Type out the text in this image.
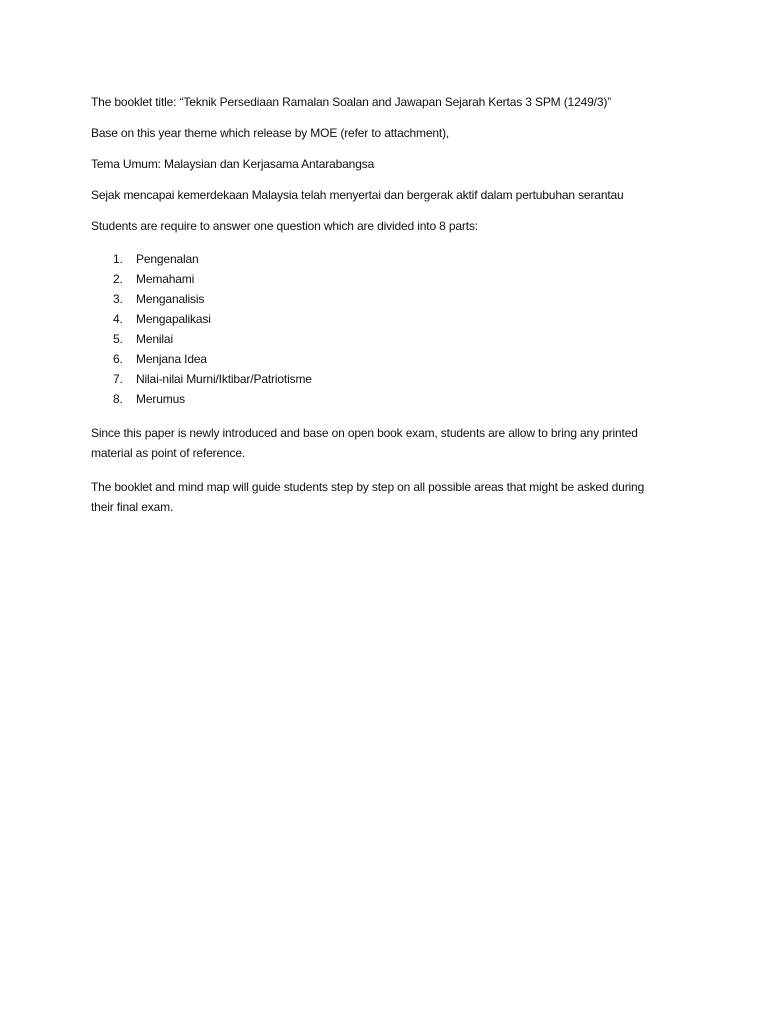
The booklet title: “Teknik Persediaan Ramalan Soalan and Jawapan Sejarah Kertas 3 SPM (1249/3)”

Base on this year theme which release by MOE (refer to attachment),

Tema Umum: Malaysian dan Kerjasama Antarabangsa

Sejak mencapai kemerdekaan Malaysia telah menyertai dan bergerak aktif dalam pertubuhan serantau

Students are require to answer one question which are divided into 8 parts:

1.	Pengenalan
2.	Memahami
3.	Menganalisis
4.	Mengapalikasi
5.	Menilai
6.	Menjana Idea
7.	Nilai-nilai Murni/Iktibar/Patriotisme
8.	Merumus

Since this paper is newly introduced and base on open book exam, students are allow to bring any printed material as point of reference.

The booklet and mind map will guide students step by step on all possible areas that might be asked during their final exam.
